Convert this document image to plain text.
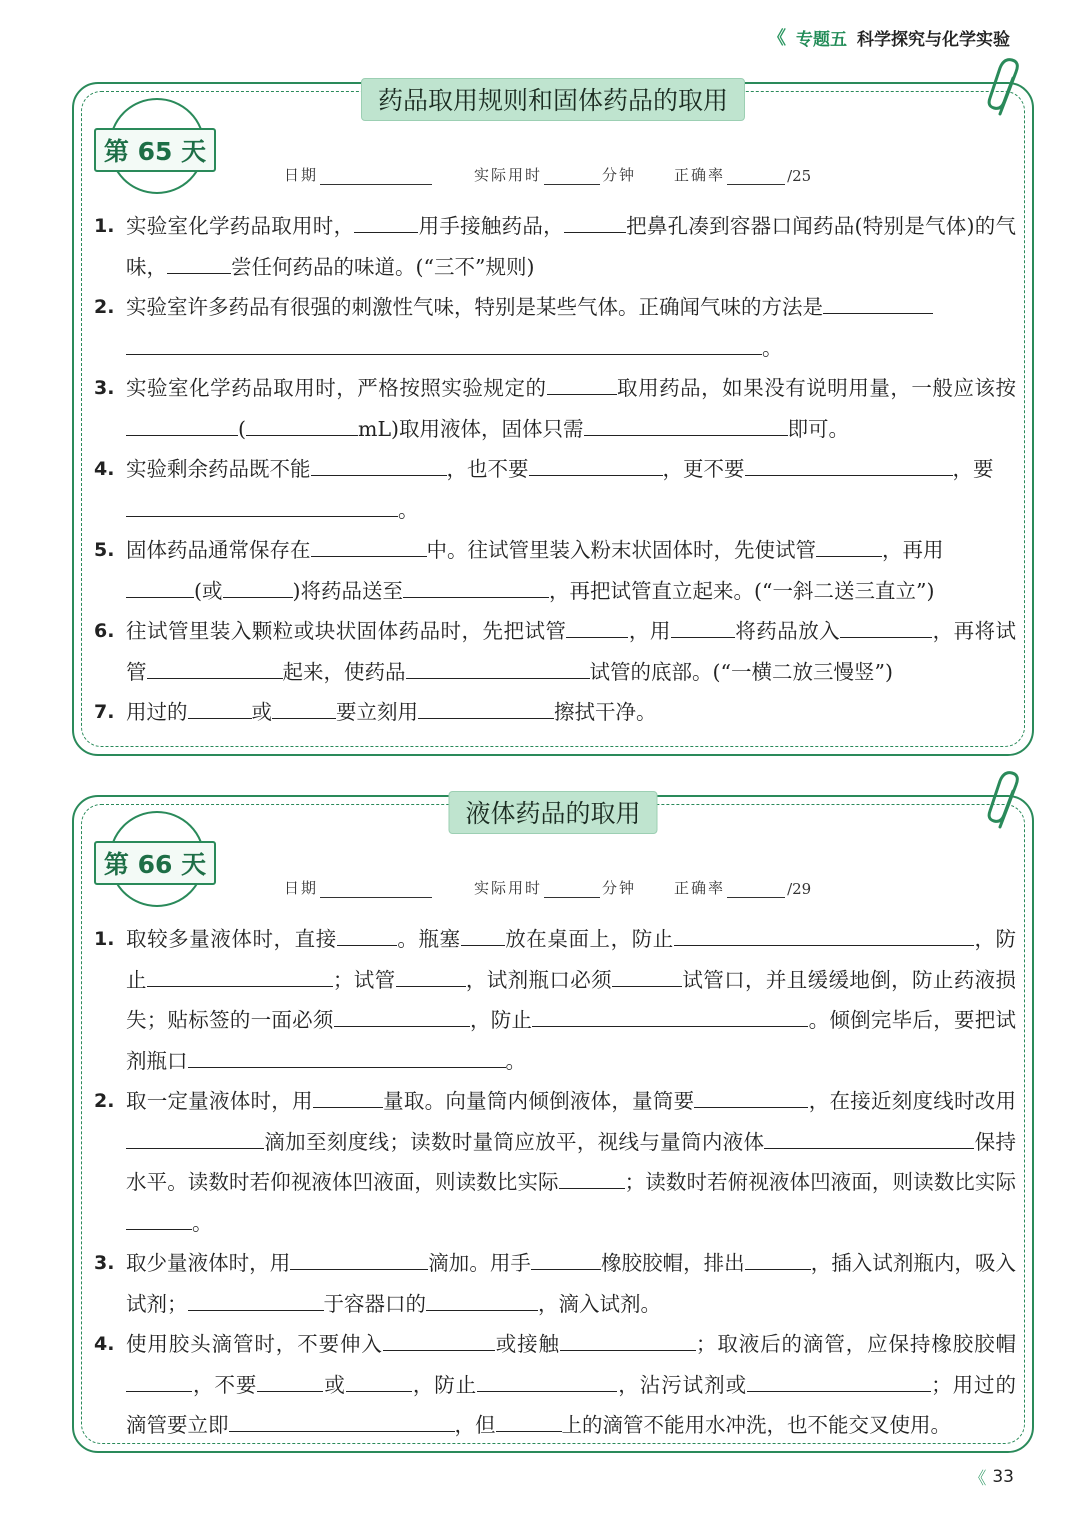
《 专题五 科学探究与化学实验
药品取用规则和固体药品的取用
第 65 天
日期	实际用时	分钟	正确率	/25
1. 实验室化学药品取用时，	用手接触药品，	把鼻孔凑到容器口闻药品(特别是气体)的气味，	尝任何药品的味道。(“三不”规则)
2. 实验室许多药品有很强的刺激性气味，特别是某些气体。正确闻气味的方法是
。
3. 实验室化学药品取用时，严格按照实验规定的	取用药品，如果没有说明用量，一般应该按(	mL)取用液体，固体只需	即可。
4. 实验剩余药品既不能	，也不要	，更不要	，要
。
5. 固体药品通常保存在	中。往试管里装入粉末状固体时，先使试管	，再用
(或	)将药品送至	，再把试管直立起来。(“一斜二送三直立”)
6. 往试管里装入颗粒或块状固体药品时，先把试管	，用	将药品放入	，再将试管	起来，使药品	试管的底部。(“一横二放三慢竖”)
7. 用过的	或	要立刻用	擦拭干净。
液体药品的取用
第 66 天
日期	实际用时	分钟	正确率	/29
1. 取较多量液体时，直接	。瓶塞 放在桌面上，防止	，防止	；试管	，试剂瓶口必须	试管口，并且缓缓地倒，防止药液损失；贴标签的一面必须	，防止	。倾倒完毕后，要把试剂瓶口	。
2. 取一定量液体时，用	量取。向量筒内倾倒液体，量筒要	，在接近刻度线时改用滴加至刻度线；读数时量筒应放平，视线与量筒内液体	保持水平。读数时若仰视液体凹液面，则读数比实际	；读数时若俯视液体凹液面，则读数比实际。
3. 取少量液体时，用	滴加。用手	橡胶胶帽，排出	，插入试剂瓶内，吸入试剂；	于容器口的	，滴入试剂。
4. 使用胶头滴管时，不要伸入	或接触	；取液后的滴管，应保持橡胶胶帽，不要	或	，防止	，沾污试剂或	；用过的滴管要立即	，但	上的滴管不能用水冲洗，也不能交叉使用。
《 33
